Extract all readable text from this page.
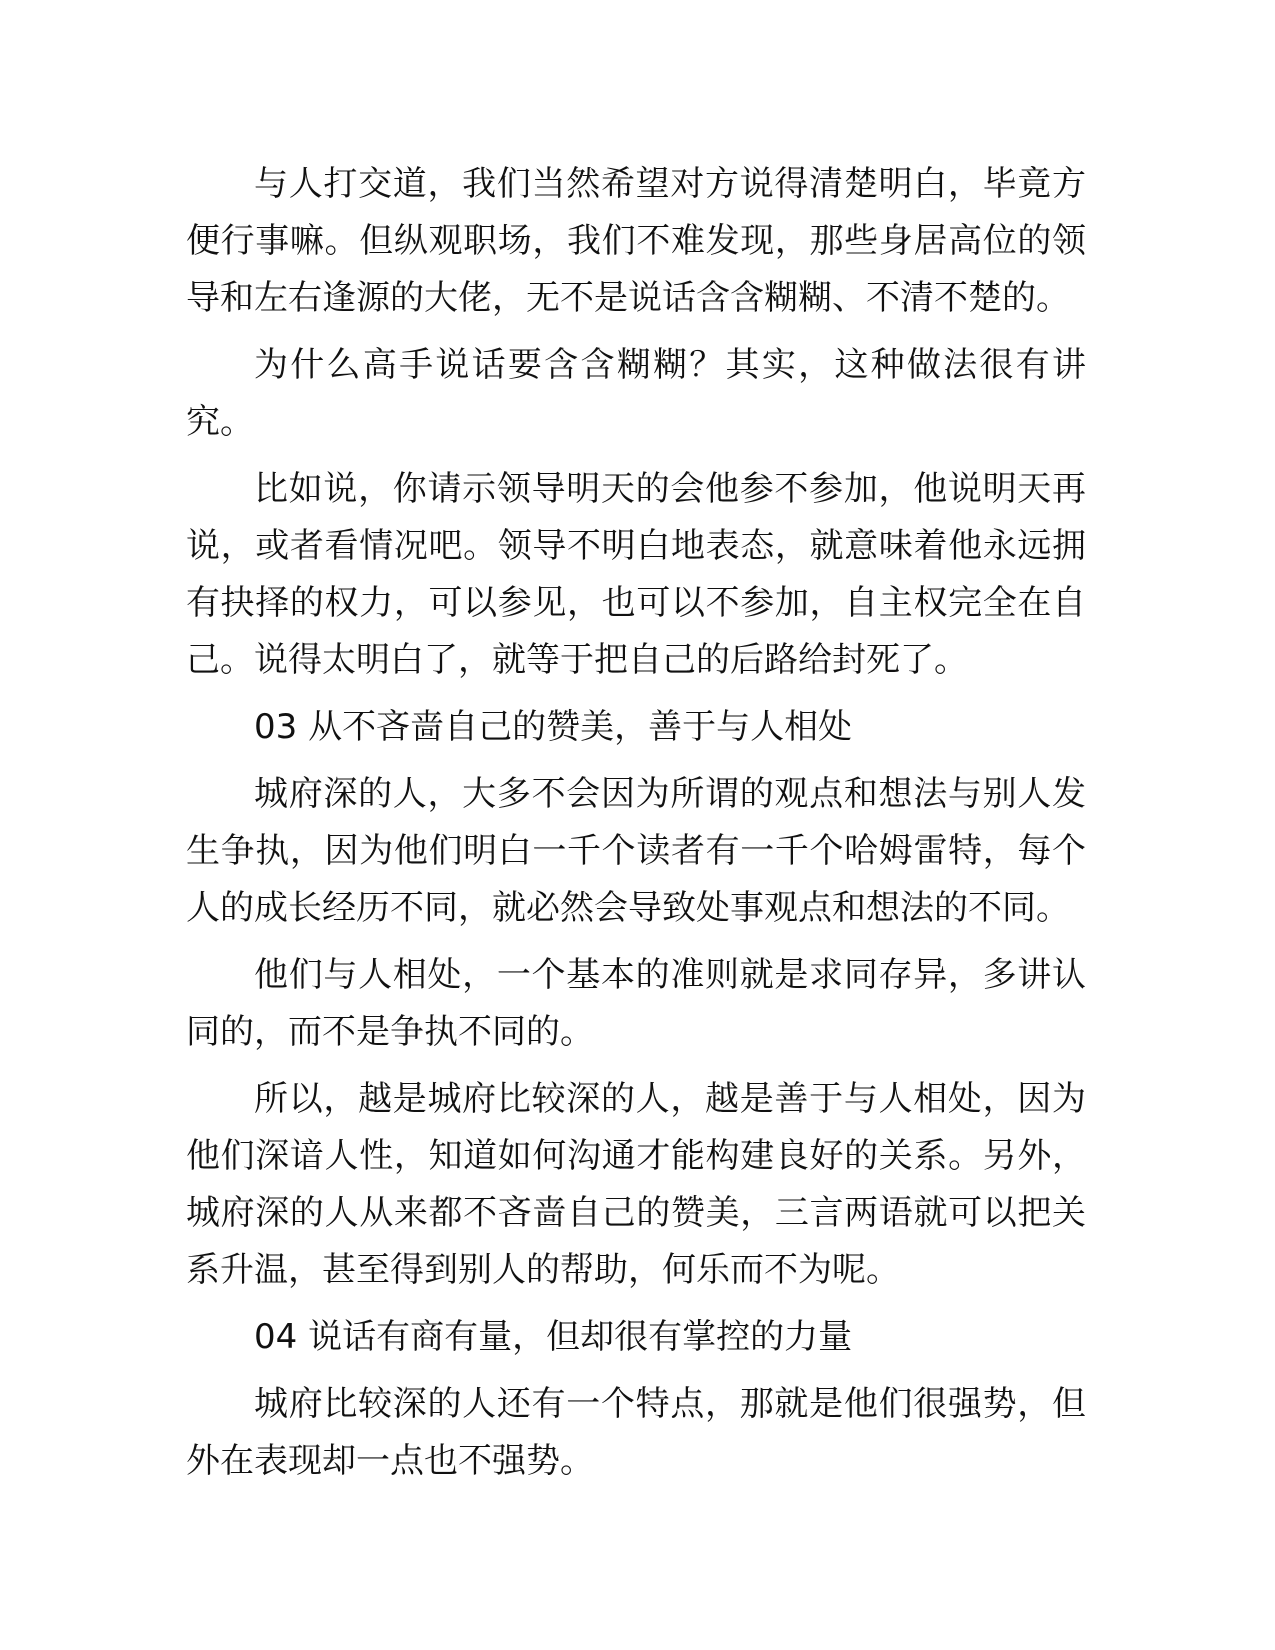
与人打交道，我们当然希望对方说得清楚明白，毕竟方便行事嘛。但纵观职场，我们不难发现，那些身居高位的领导和左右逢源的大佬，无不是说话含含糊糊、不清不楚的。

为什么高手说话要含含糊糊？其实，这种做法很有讲究。

比如说，你请示领导明天的会他参不参加，他说明天再说，或者看情况吧。领导不明白地表态，就意味着他永远拥有抉择的权力，可以参见，也可以不参加，自主权完全在自己。说得太明白了，就等于把自己的后路给封死了。

03 从不吝啬自己的赞美，善于与人相处

城府深的人，大多不会因为所谓的观点和想法与别人发生争执，因为他们明白一千个读者有一千个哈姆雷特，每个人的成长经历不同，就必然会导致处事观点和想法的不同。

他们与人相处，一个基本的准则就是求同存异，多讲认同的，而不是争执不同的。

所以，越是城府比较深的人，越是善于与人相处，因为他们深谙人性，知道如何沟通才能构建良好的关系。另外，城府深的人从来都不吝啬自己的赞美，三言两语就可以把关系升温，甚至得到别人的帮助，何乐而不为呢。

04 说话有商有量，但却很有掌控的力量

城府比较深的人还有一个特点，那就是他们很强势，但外在表现却一点也不强势。
